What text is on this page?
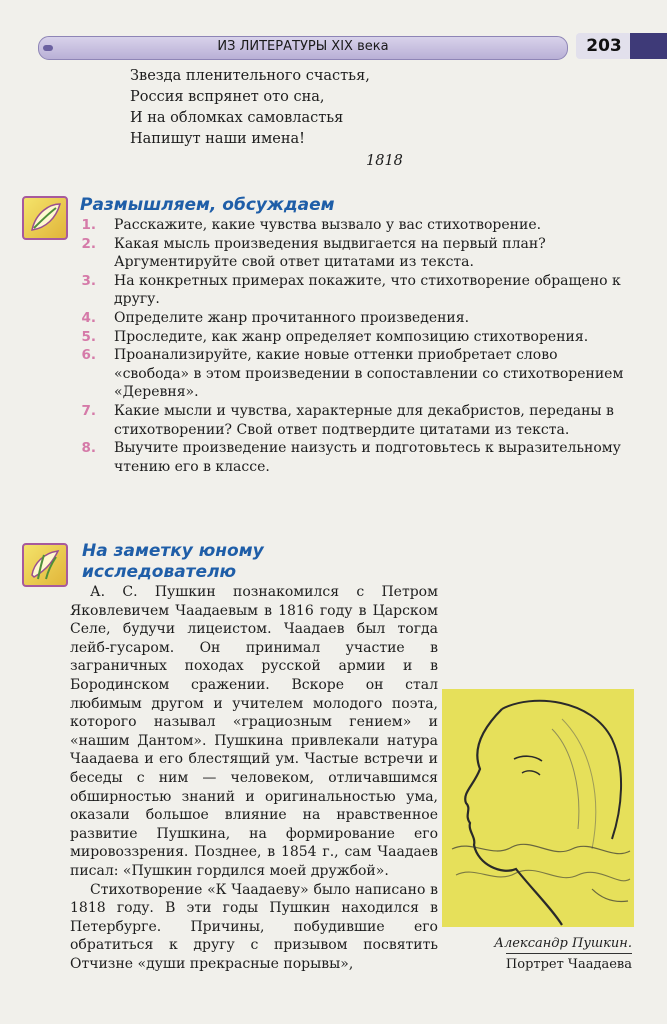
ИЗ ЛИТЕРАТУРЫ XIX века	203
Звезда пленительного счастья,
Россия вспрянет ото сна,
И на обломках самовластья
Напишут наши имена!
1818
Размышляем, обсуждаем
1. Расскажите, какие чувства вызвало у вас стихотворение.
2. Какая мысль произведения выдвигается на первый план? Аргументируйте свой ответ цитатами из текста.
3. На конкретных примерах покажите, что стихотворение обращено к другу.
4. Определите жанр прочитанного произведения.
5. Проследите, как жанр определяет композицию стихотворения.
6. Проанализируйте, какие новые оттенки приобретает слово «свобода» в этом произведении в сопоставлении со стихотворением «Деревня».
7. Какие мысли и чувства, характерные для декабристов, переданы в стихотворении? Свой ответ подтвердите цитатами из текста.
8. Выучите произведение наизусть и подготовьтесь к выразительному чтению его в классе.
На заметку юному
исследователю
Александр Пушкин.
Портрет Чаадаева

А. С. Пушкин познакомился с Петром Яковлевичем Чаадаевым в 1816 году в Царском Селе, будучи лицеистом. Чаадаев был тогда лейб-гусаром. Он принимал участие в заграничных походах русской армии и в Бородинском сражении. Вскоре он стал любимым другом и учителем молодого поэта, которого называл «грациозным гением» и «нашим Дантом». Пушкина привлекали натура Чаадаева и его блестящий ум. Частые встречи и беседы с ним — человеком, отличавшимся обширностью знаний и оригинальностью ума, оказали большое влияние на нравственное развитие Пушкина, на формирование его мировоззрения. Позднее, в 1854 г., сам Чаадаев писал: «Пушкин гордился моей дружбой».

Стихотворение «К Чаадаеву» было написано в 1818 году. В эти годы Пушкин находился в Петербурге. Причины, побудившие его обратиться к другу с призывом посвятить Отчизне «души прекрасные порывы»,
